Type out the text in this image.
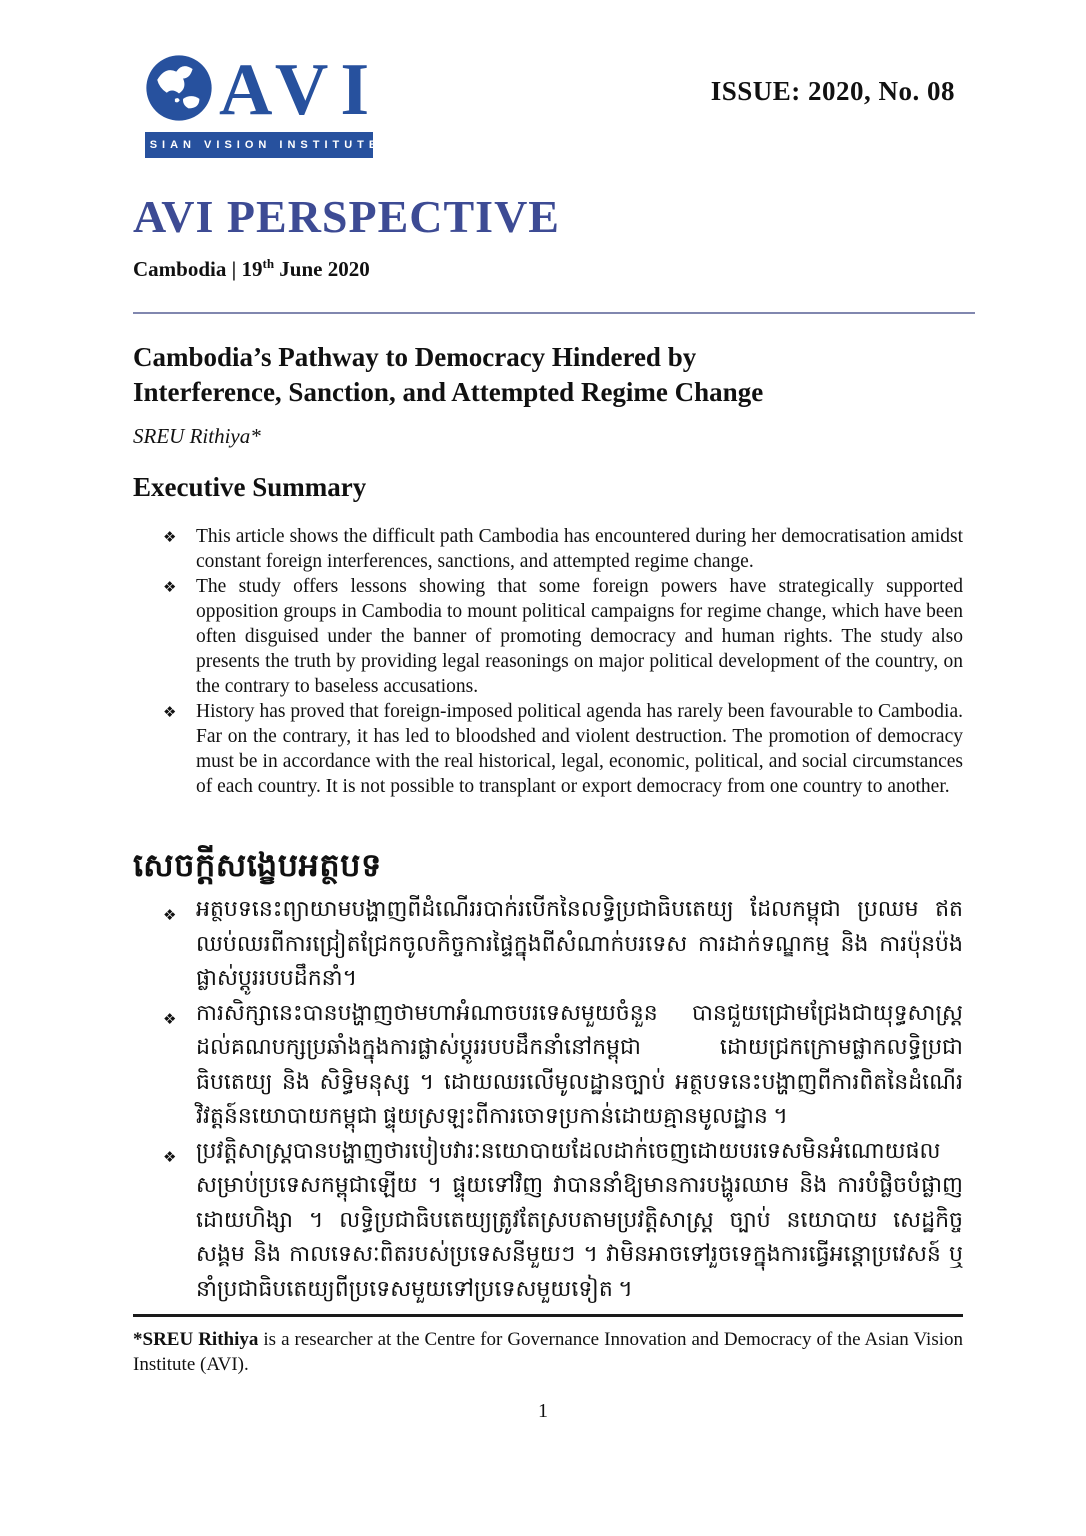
AVI
ASIAN VISION INSTITUTE
ISSUE: 2020, No. 08
AVI PERSPECTIVE
Cambodia | 19th June 2020
Cambodia’s Pathway to Democracy Hindered by
Interference, Sanction, and Attempted Regime Change
SREU Rithiya*
Executive Summary
❖ This article shows the difficult path Cambodia has encountered during her democratisation amidst constant foreign interferences, sanctions, and attempted regime change.
❖ The study offers lessons showing that some foreign powers have strategically supported opposition groups in Cambodia to mount political campaigns for regime change, which have been often disguised under the banner of promoting democracy and human rights. The study also presents the truth by providing legal reasonings on major political development of the country, on the contrary to baseless accusations.
❖ History has proved that foreign-imposed political agenda has rarely been favourable to Cambodia. Far on the contrary, it has led to bloodshed and violent destruction. The promotion of democracy must be in accordance with the real historical, legal, economic, political, and social circumstances of each country. It is not possible to transplant or export democracy from one country to another.
សេចក្តីសង្ខេបអត្ថបទ
❖ អត្ថបទនេះព្យាយាមបង្ហាញពីដំណើររបាក់របើកនៃលទ្ធិប្រជាធិបតេយ្យ ដែលកម្ពុជា ប្រឈម ឥតឈប់ឈរពីការជ្រៀតជ្រែកចូលកិច្ចការផ្ទៃក្នុងពីសំណាក់បរទេស ការដាក់ទណ្ឌកម្ម និង ការប៉ុនប៉ងផ្លាស់ប្តូររបបដឹកនាំ។
❖ ការសិក្សានេះបានបង្ហាញថាមហាអំណាចបរទេសមួយចំនួន បានជួយជ្រោមជ្រែងជាយុទ្ធសាស្ត្រ ដល់គណបក្សប្រឆាំងក្នុងការផ្លាស់ប្តូររបបដឹកនាំនៅកម្ពុជា ដោយជ្រកក្រោមផ្លាកលទ្ធិប្រជាធិបតេយ្យ និង សិទ្ធិមនុស្ស ។ ដោយឈរលើមូលដ្ឋានច្បាប់ អត្ថបទនេះបង្ហាញពីការពិតនៃដំណើរវិវត្តន៍នយោបាយកម្ពុជា ផ្ទុយស្រឡះពីការចោទប្រកាន់ដោយគ្មានមូលដ្ឋាន ។
❖ ប្រវត្តិសាស្ត្របានបង្ហាញថារបៀបវារៈនយោបាយដែលដាក់ចេញដោយបរទេសមិនអំណោយផលសម្រាប់ប្រទេសកម្ពុជាឡើយ ។ ផ្ទុយទៅវិញ វាបាននាំឱ្យមានការបង្ហូរឈាម និង ការបំផ្លិចបំផ្លាញដោយហិង្សា ។ លទ្ធិប្រជាធិបតេយ្យត្រូវតែស្របតាមប្រវត្តិសាស្ត្រ ច្បាប់ នយោបាយ សេដ្ឋកិច្ច សង្គម និង កាលទេសៈពិតរបស់ប្រទេសនីមួយៗ ។ វាមិនអាចទៅរួចទេក្នុងការធ្វើអន្តោប្រវេសន៍ ឬ នាំប្រជាធិបតេយ្យពីប្រទេសមួយទៅប្រទេសមួយទៀត ។
*SREU Rithiya is a researcher at the Centre for Governance Innovation and Democracy of the Asian Vision Institute (AVI).
1
